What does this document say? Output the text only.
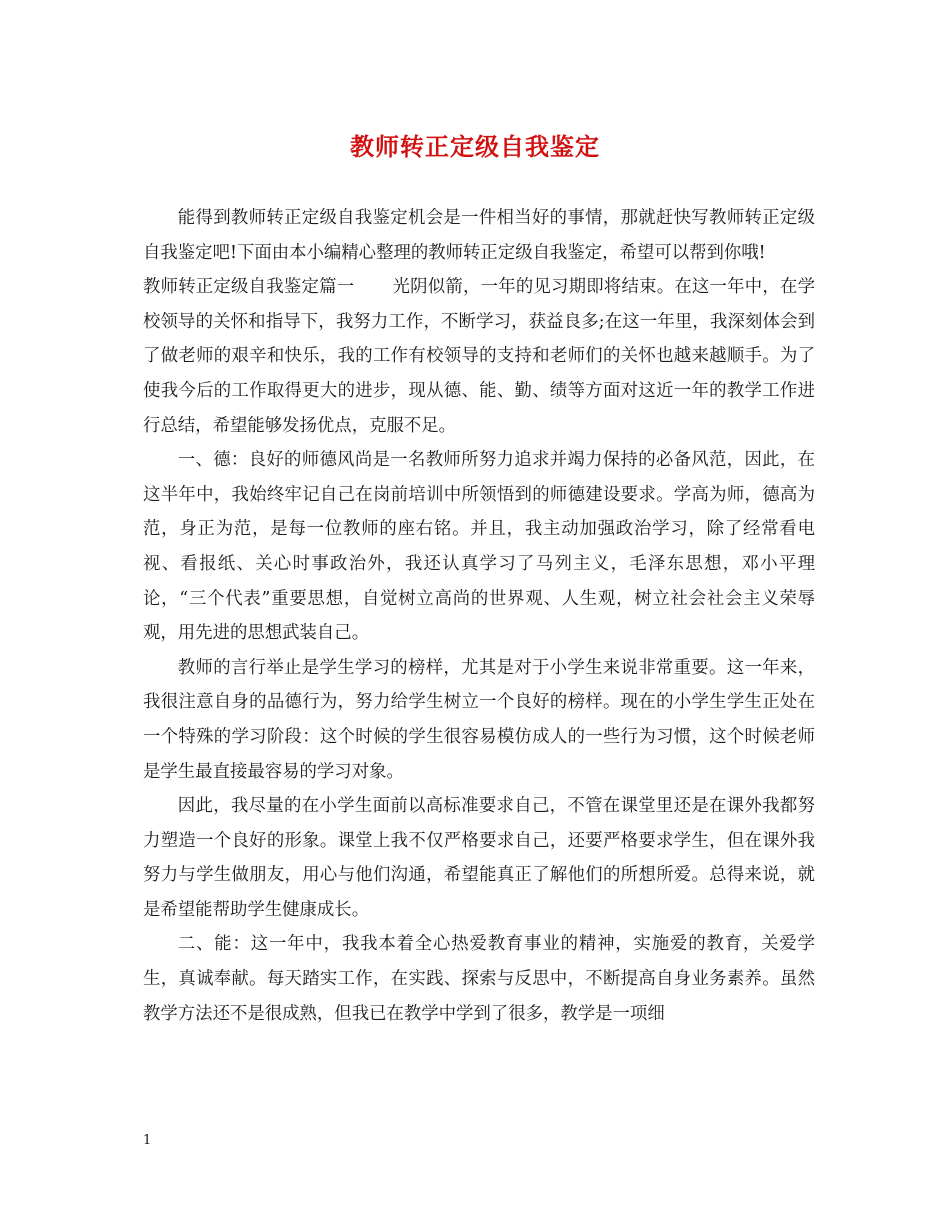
教师转正定级自我鉴定

能得到教师转正定级自我鉴定机会是一件相当好的事情，那就赶快写教师转正定级自我鉴定吧!下面由本小编精心整理的教师转正定级自我鉴定，希望可以帮到你哦!

教师转正定级自我鉴定篇一 光阴似箭，一年的见习期即将结束。在这一年中，在学校领导的关怀和指导下，我努力工作，不断学习，获益良多;在这一年里，我深刻体会到了做老师的艰辛和快乐，我的工作有校领导的支持和老师们的关怀也越来越顺手。为了使我今后的工作取得更大的进步，现从德、能、勤、绩等方面对这近一年的教学工作进行总结，希望能够发扬优点，克服不足。

一、德：良好的师德风尚是一名教师所努力追求并竭力保持的必备风范，因此，在这半年中，我始终牢记自己在岗前培训中所领悟到的师德建设要求。学高为师，德高为范，身正为范，是每一位教师的座右铭。并且，我主动加强政治学习，除了经常看电视、看报纸、关心时事政治外，我还认真学习了马列主义，毛泽东思想，邓小平理论，“三个代表”重要思想，自觉树立高尚的世界观、人生观，树立社会社会主义荣辱观，用先进的思想武装自己。

教师的言行举止是学生学习的榜样，尤其是对于小学生来说非常重要。这一年来，我很注意自身的品德行为，努力给学生树立一个良好的榜样。现在的小学生学生正处在一个特殊的学习阶段：这个时候的学生很容易模仿成人的一些行为习惯，这个时候老师是学生最直接最容易的学习对象。

因此，我尽量的在小学生面前以高标准要求自己，不管在课堂里还是在课外我都努力塑造一个良好的形象。课堂上我不仅严格要求自己，还要严格要求学生，但在课外我努力与学生做朋友，用心与他们沟通，希望能真正了解他们的所想所爱。总得来说，就是希望能帮助学生健康成长。

二、能：这一年中，我我本着全心热爱教育事业的精神，实施爱的教育，关爱学生，真诚奉献。每天踏实工作，在实践、探索与反思中，不断提高自身业务素养。虽然教学方法还不是很成熟，但我已在教学中学到了很多，教学是一项细

1
